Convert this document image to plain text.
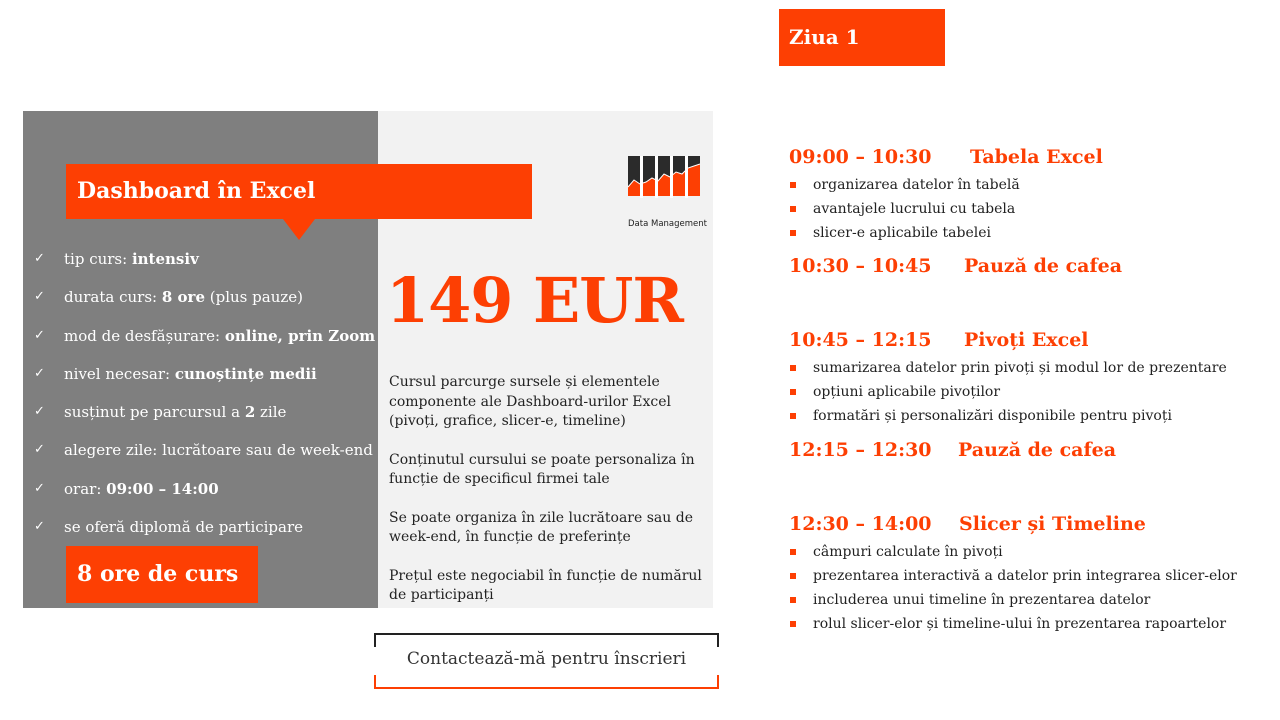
Dashboard în Excel
✓	tip curs: intensiv
✓	durata curs: 8 ore (plus pauze)
✓	mod de desfășurare: online, prin Zoom
✓	nivel necesar: cunoștințe medii
✓	susținut pe parcursul a 2 zile
✓	alegere zile: lucrătoare sau de week-end
✓	orar: 09:00 – 14:00
✓	se oferă diplomă de participare
8 ore de curs
Data Management
149 EUR

Cursul parcurge sursele și elementele componente ale Dashboard-urilor Excel (pivoți, grafice, slicer-e, timeline)

Conținutul cursului se poate personaliza în funcție de specificul firmei tale

Se poate organiza în zile lucrătoare sau de week-end, în funcție de preferințe

Prețul este negociabil în funcție de numărul de participanți

Contactează-mă pentru înscrieri
Ziua 1
09:00 – 10:30 Tabela Excel
organizarea datelor în tabelă
avantajele lucrului cu tabela
slicer-e aplicabile tabelei
10:30 – 10:45 Pauză de cafea
10:45 – 12:15 Pivoți Excel
sumarizarea datelor prin pivoți și modul lor de prezentare
opțiuni aplicabile pivoților
formatări și personalizări disponibile pentru pivoți
12:15 – 12:30 Pauză de cafea
12:30 – 14:00 Slicer și Timeline
câmpuri calculate în pivoți
prezentarea interactivă a datelor prin integrarea slicer-elor
includerea unui timeline în prezentarea datelor
rolul slicer-elor și timeline-ului în prezentarea rapoartelor
